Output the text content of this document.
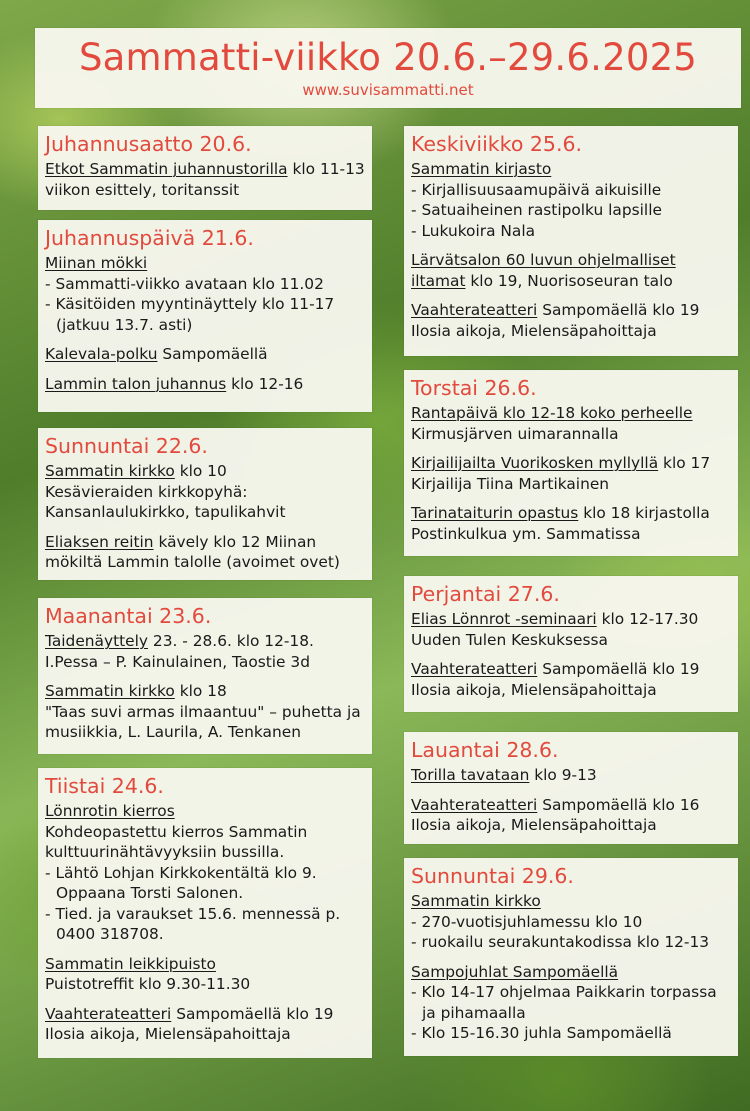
Sammatti-viikko 20.6.–29.6.2025
www.suvisammatti.net
Juhannusaatto 20.6.
Etkot Sammatin juhannustorilla klo 11-13 viikon esittely, toritanssit
Juhannuspäivä 21.6.
Miinan mökki
- Sammatti-viikko avataan klo 11.02
- Käsitöiden myyntinäyttely klo 11-17 (jatkuu 13.7. asti)
Kalevala-polku Sampomäellä
Lammin talon juhannus klo 12-16
Sunnuntai 22.6.
Sammatin kirkko klo 10
Kesävieraiden kirkkopyhä: Kansanlaulukirkko, tapulikahvit
Eliaksen reitin kävely klo 12 Miinan mökiltä Lammin talolle (avoimet ovet)
Maanantai 23.6.
Taidenäyttely 23. - 28.6. klo 12-18.
I.Pessa – P. Kainulainen, Taostie 3d
Sammatin kirkko klo 18
"Taas suvi armas ilmaantuu" – puhetta ja musiikkia, L. Laurila, A. Tenkanen
Tiistai 24.6.
Lönnrotin kierros
Kohdeopastettu kierros Sammatin kulttuurinähtävyyksiin bussilla.
- Lähtö Lohjan Kirkkokentältä klo 9. Oppaana Torsti Salonen.
- Tied. ja varaukset 15.6. mennessä p. 0400 318708.
Sammatin leikkipuisto
Puistotreffit klo 9.30-11.30
Vaahterateatteri Sampomäellä klo 19
Ilosia aikoja, Mielensäpahoittaja
Keskiviikko 25.6.
Sammatin kirjasto
- Kirjallisuusaamupäivä aikuisille
- Satuaiheinen rastipolku lapsille
- Lukukoira Nala
Lärvätsalon 60 luvun ohjelmalliset iltamat klo 19, Nuorisoseuran talo
Vaahterateatteri Sampomäellä klo 19
Ilosia aikoja, Mielensäpahoittaja
Torstai 26.6.
Rantapäivä klo 12-18 koko perheelle
Kirmusjärven uimarannalla
Kirjailijailta Vuorikosken myllyllä klo 17
Kirjailija Tiina Martikainen
Tarinataiturin opastus klo 18 kirjastolla
Postinkulkua ym. Sammatissa
Perjantai 27.6.
Elias Lönnrot -seminaari klo 12-17.30
Uuden Tulen Keskuksessa
Vaahterateatteri Sampomäellä klo 19
Ilosia aikoja, Mielensäpahoittaja
Lauantai 28.6.
Torilla tavataan klo 9-13
Vaahterateatteri Sampomäellä klo 16
Ilosia aikoja, Mielensäpahoittaja
Sunnuntai 29.6.
Sammatin kirkko
- 270-vuotisjuhlamessu klo 10
- ruokailu seurakuntakodissa klo 12-13
Sampojuhlat Sampomäellä
- Klo 14-17 ohjelmaa Paikkarin torpassa ja pihamaalla
- Klo 15-16.30 juhla Sampomäellä
